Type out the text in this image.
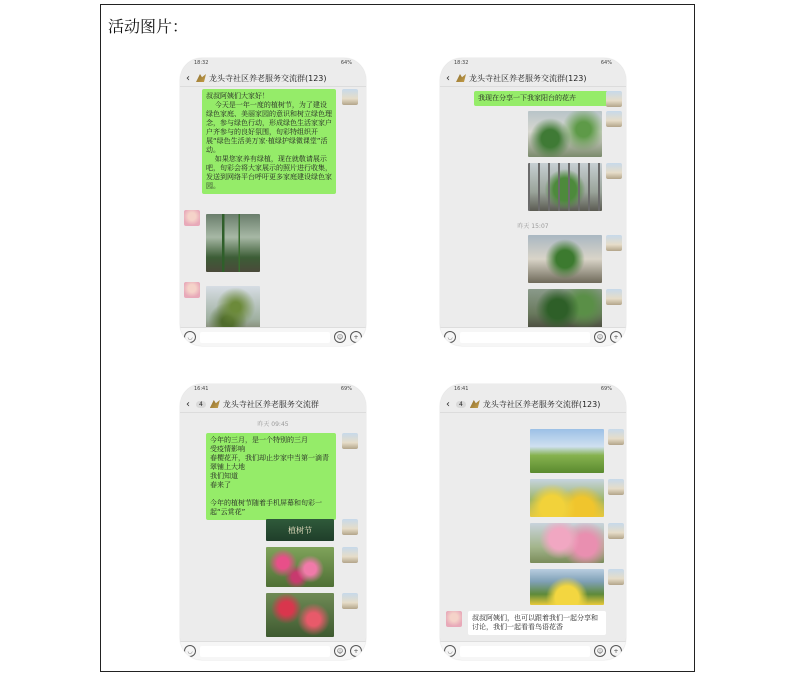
活动图片：
18:32	64%
‹ 龙头寺社区养老服务交流群(123)
叔叔阿姨们大家好！
今天是一年一度的植树节，为了建设绿色家庭、美丽家园的意识和树立绿色理念，参与绿色行动，形成绿色生活家家户户齐参与的良好氛围，旬彩特组织开展“绿色生活美万家·植绿护绿微课堂”活动。
如果您家养有绿植，现在就敬请展示吧，旬彩会将大家展示的照片进行收集，发送到网络平台呼吁更多家庭建设绿色家园。
◡	☺	+
18:32	64%
‹ 龙头寺社区养老服务交流群(123)
我现在分享一下我家阳台的花卉
昨天 15:07
◡	☺	+
16:41	69%
‹	4	龙头寺社区养老服务交流群
昨天 09:45
今年的三月，是一个特别的三月
受疫情影响
春樱花开，我们却止步家中当第一滴青翠铺上大地
我们知道
春来了

今年的植树节随着手机屏幕和旬彩一起“云赏花”
植树节
◡	☺	+
16:41	69%
‹	4	龙头寺社区养老服务交流群(123)
叔叔阿姨们，也可以跟着我们一起分享和讨论，我们一起看看鸟语花香
◡	☺	+
